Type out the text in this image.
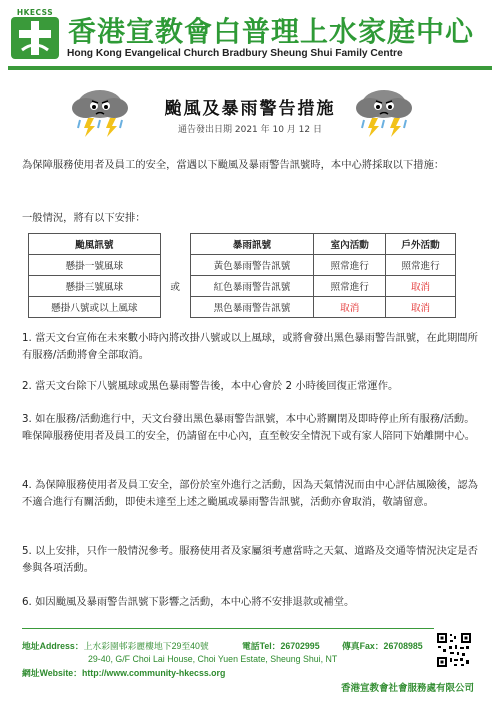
HKECSS
香港宣教會白普理上水家庭中心
Hong Kong Evangelical Church Bradbury Sheung Shui Family Centre
颱風及暴雨警告措施
通告發出日期 2021 年 10 月 12 日
為保障服務使用者及員工的安全，當遇以下颱風及暴雨警告訊號時，本中心將採取以下措施：
一般情況，將有以下安排：
颱風訊號		暴雨訊號	室內活動	戶外活動
懸掛一號風球	或	黃色暴雨警告訊號	照常進行	照常進行
懸掛三號風球		紅色暴雨警告訊號	照常進行	取消
懸掛八號或以上風球		黑色暴雨警告訊號	取消	取消
1. 當天文台宣佈在未來數小時內將改掛八號或以上風球，或將會發出黑色暴雨警告訊號，在此期間所有服務/活動將會全部取消。
2. 當天文台除下八號風球或黑色暴雨警告後，本中心會於 2 小時後回復正常運作。
3. 如在服務/活動進行中，天文台發出黑色暴雨警告訊號，本中心將關閉及即時停止所有服務/活動。唯保障服務使用者及員工的安全，仍請留在中心內，直至較安全情況下或有家人陪同下始離開中心。
4. 為保障服務使用者及員工安全，部份於室外進行之活動，因為天氣情況而由中心評估風險後，認為不適合進行有關活動，即使未達至上述之颱風或暴雨警告訊號，活動亦會取消，敬請留意。
5. 以上安排，只作一般情況參考。服務使用者及家屬須考慮當時之天氣、道路及交通等情況決定是否參與各項活動。
6. 如因颱風及暴雨警告訊號下影響之活動，本中心將不安排退款或補堂。
地址Address：上水彩園邨彩麗樓地下29至40號	電話Tel：26702995	傳真Fax：26708985
29-40, G/F Choi Lai House, Choi Yuen Estate, Sheung Shui, NT
網址Website：http://www.community-hkecss.org
香港宣教會社會服務處有限公司
